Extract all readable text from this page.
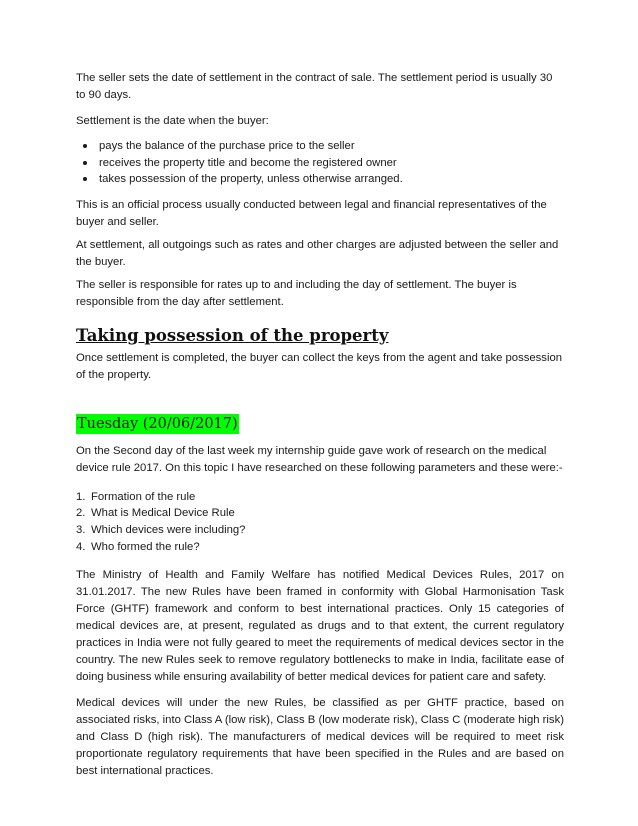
The seller sets the date of settlement in the contract of sale. The settlement period is usually 30 to 90 days.

Settlement is the date when the buyer:

pays the balance of the purchase price to the seller
receives the property title and become the registered owner
takes possession of the property, unless otherwise arranged.

This is an official process usually conducted between legal and financial representatives of the buyer and seller.

At settlement, all outgoings such as rates and other charges are adjusted between the seller and the buyer.

The seller is responsible for rates up to and including the day of settlement. The buyer is responsible from the day after settlement.

Taking possession of the property

Once settlement is completed, the buyer can collect the keys from the agent and take possession of the property.

Tuesday (20/06/2017)

On the Second day of the last week my internship guide gave work of research on the medical device rule 2017. On this topic I have researched on these following parameters and these were:-

1. Formation of the rule
2. What is Medical Device Rule
3. Which devices were including?
4. Who formed the rule?

The Ministry of Health and Family Welfare has notified Medical Devices Rules, 2017 on 31.01.2017. The new Rules have been framed in conformity with Global Harmonisation Task Force (GHTF) framework and conform to best international practices. Only 15 categories of medical devices are, at present, regulated as drugs and to that extent, the current regulatory practices in India were not fully geared to meet the requirements of medical devices sector in the country. The new Rules seek to remove regulatory bottlenecks to make in India, facilitate ease of doing business while ensuring availability of better medical devices for patient care and safety.

Medical devices will under the new Rules, be classified as per GHTF practice, based on associated risks, into Class A (low risk), Class B (low moderate risk), Class C (moderate high risk) and Class D (high risk). The manufacturers of medical devices will be required to meet risk proportionate regulatory requirements that have been specified in the Rules and are based on best international practices.
